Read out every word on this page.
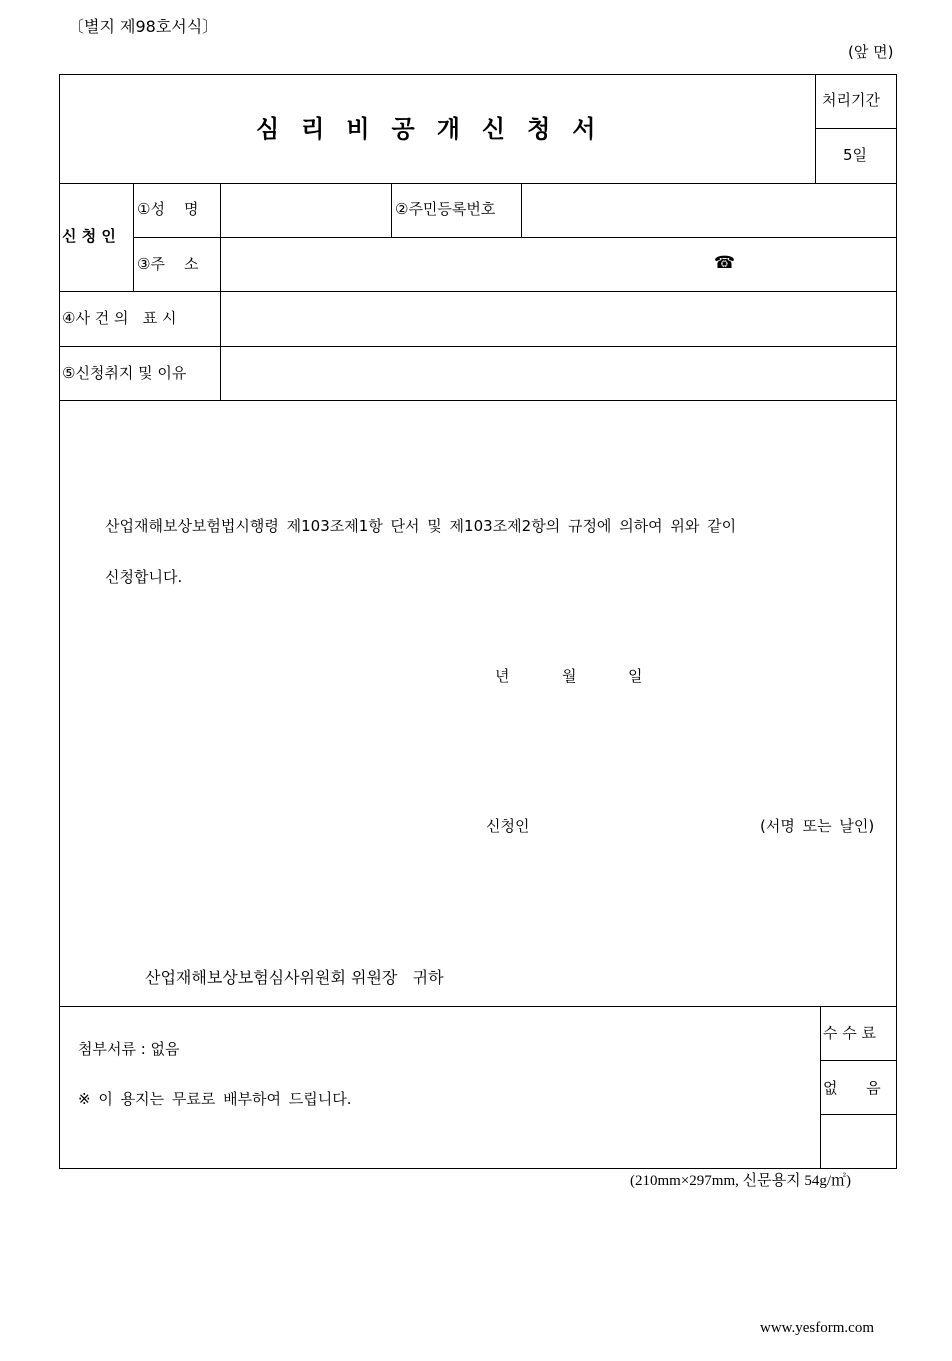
〔별지 제98호서식〕
(앞 면)
심리비공개신청서
처리기간
5일
신 청 인
①성    명	②주민등록번호
③주    소	☎
④사 건 의   표 시
⑤신청취지 및 이유
산업재해보상보험법시행령 제103조제1항 단서 및 제103조제2항의 규정에 의하여 위와 같이
신청합니다.
년	월	일
신청인	(서명 또는 날인)
산업재해보상보험심사위원회 위원장   귀하
첨부서류 : 없음
※ 이 용지는 무료로 배부하여 드립니다.
수 수 료
없      음
(210mm×297mm, 신문용지 54g/㎡)
www.yesform.com
